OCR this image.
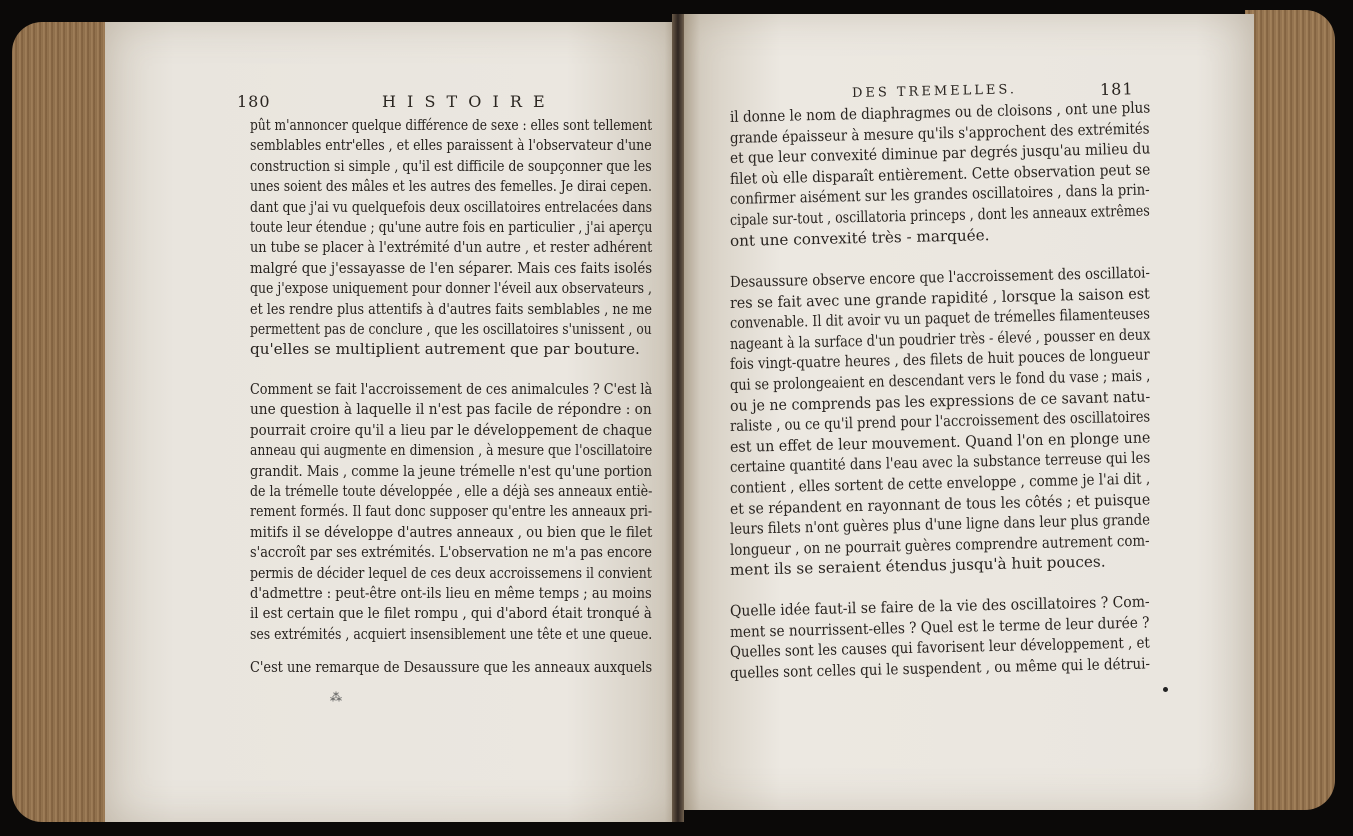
180	H I S T O I R E
pût m'annoncer quelque différence de sexe : elles sont tellement
semblables entr'elles , et elles paraissent à l'observateur d'une
construction si simple , qu'il est difficile de soupçonner que les
unes soient des mâles et les autres des femelles. Je dirai cepen.
dant que j'ai vu quelquefois deux oscillatoires entrelacées dans
toute leur étendue ; qu'une autre fois en particulier , j'ai aperçu
un tube se placer à l'extrémité d'un autre , et rester adhérent
malgré que j'essayasse de l'en séparer. Mais ces faits isolés
que j'expose uniquement pour donner l'éveil aux observateurs ,
et les rendre plus attentifs à d'autres faits semblables , ne me
permettent pas de conclure , que les oscillatoires s'unissent , ou
qu'elles se multiplient autrement que par bouture.
Comment se fait l'accroissement de ces animalcules ? C'est là
une question à laquelle il n'est pas facile de répondre : on
pourrait croire qu'il a lieu par le développement de chaque
anneau qui augmente en dimension , à mesure que l'oscillatoire
grandit. Mais , comme la jeune trémelle n'est qu'une portion
de la trémelle toute développée , elle a déjà ses anneaux entiè-
rement formés. Il faut donc supposer qu'entre les anneaux pri-
mitifs il se développe d'autres anneaux , ou bien que le filet
s'accroît par ses extrémités. L'observation ne m'a pas encore
permis de décider lequel de ces deux accroissemens il convient
d'admettre : peut-être ont-ils lieu en même temps ; au moins
il est certain que le filet rompu , qui d'abord était tronqué à
ses extrémités , acquiert insensiblement une tête et une queue.
C'est une remarque de Desaussure que les anneaux auxquels
DES TREMELLES.	181
il donne le nom de diaphragmes ou de cloisons , ont une plus
grande épaisseur à mesure qu'ils s'approchent des extrémités
et que leur convexité diminue par degrés jusqu'au milieu du
filet où elle disparaît entièrement. Cette observation peut se
confirmer aisément sur les grandes oscillatoires , dans la prin-
cipale sur-tout , oscillatoria princeps , dont les anneaux extrêmes
ont une convexité très - marquée.
Desaussure observe encore que l'accroissement des oscillatoi-
res se fait avec une grande rapidité , lorsque la saison est
convenable. Il dit avoir vu un paquet de trémelles filamenteuses
nageant à la surface d'un poudrier très - élevé , pousser en deux
fois vingt-quatre heures , des filets de huit pouces de longueur
qui se prolongeaient en descendant vers le fond du vase ; mais ,
ou je ne comprends pas les expressions de ce savant natu-
raliste , ou ce qu'il prend pour l'accroissement des oscillatoires
est un effet de leur mouvement. Quand l'on en plonge une
certaine quantité dans l'eau avec la substance terreuse qui les
contient , elles sortent de cette enveloppe , comme je l'ai dit ,
et se répandent en rayonnant de tous les côtés ; et puisque
leurs filets n'ont guères plus d'une ligne dans leur plus grande
longueur , on ne pourrait guères comprendre autrement com-
ment ils se seraient étendus jusqu'à huit pouces.
Quelle idée faut-il se faire de la vie des oscillatoires ? Com-
ment se nourrissent-elles ? Quel est le terme de leur durée ?
Quelles sont les causes qui favorisent leur développement , et
quelles sont celles qui le suspendent , ou même qui le détrui-
⁂
